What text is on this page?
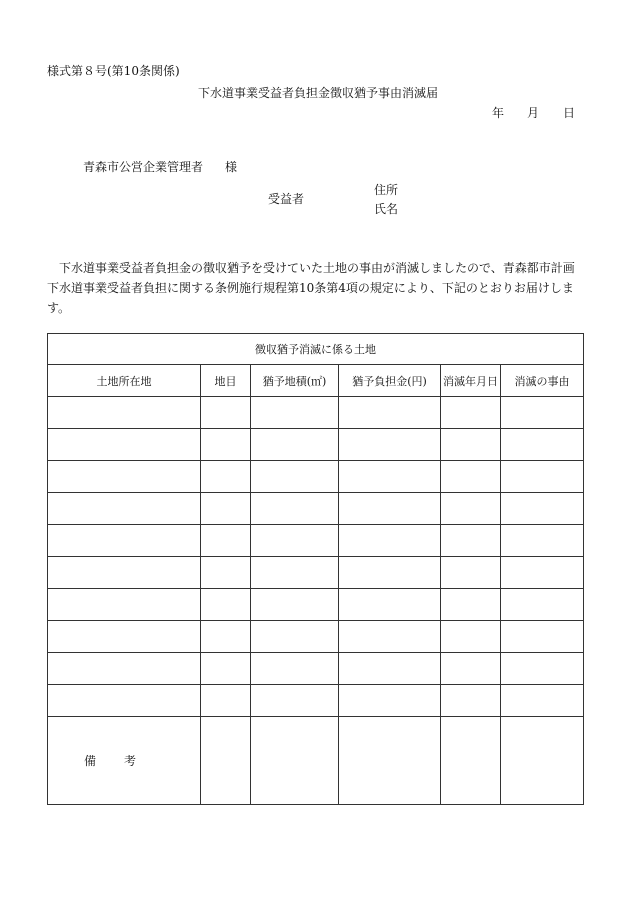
様式第８号(第10条関係)
下水道事業受益者負担金徴収猶予事由消滅届
年 月 日
青森市公営企業管理者 様
受益者
住所
氏名
下水道事業受益者負担金の徴収猶予を受けていた土地の事由が消滅しましたので、青森都市計画下水道事業受益者負担に関する条例施行規程第10条第4項の規定により、下記のとおりお届けします。
徴収猶予消滅に係る土地					
土地所在地	地目	猶予地積(㎡)	猶予負担金(円)	消滅年月日	消滅の事由

備考					
